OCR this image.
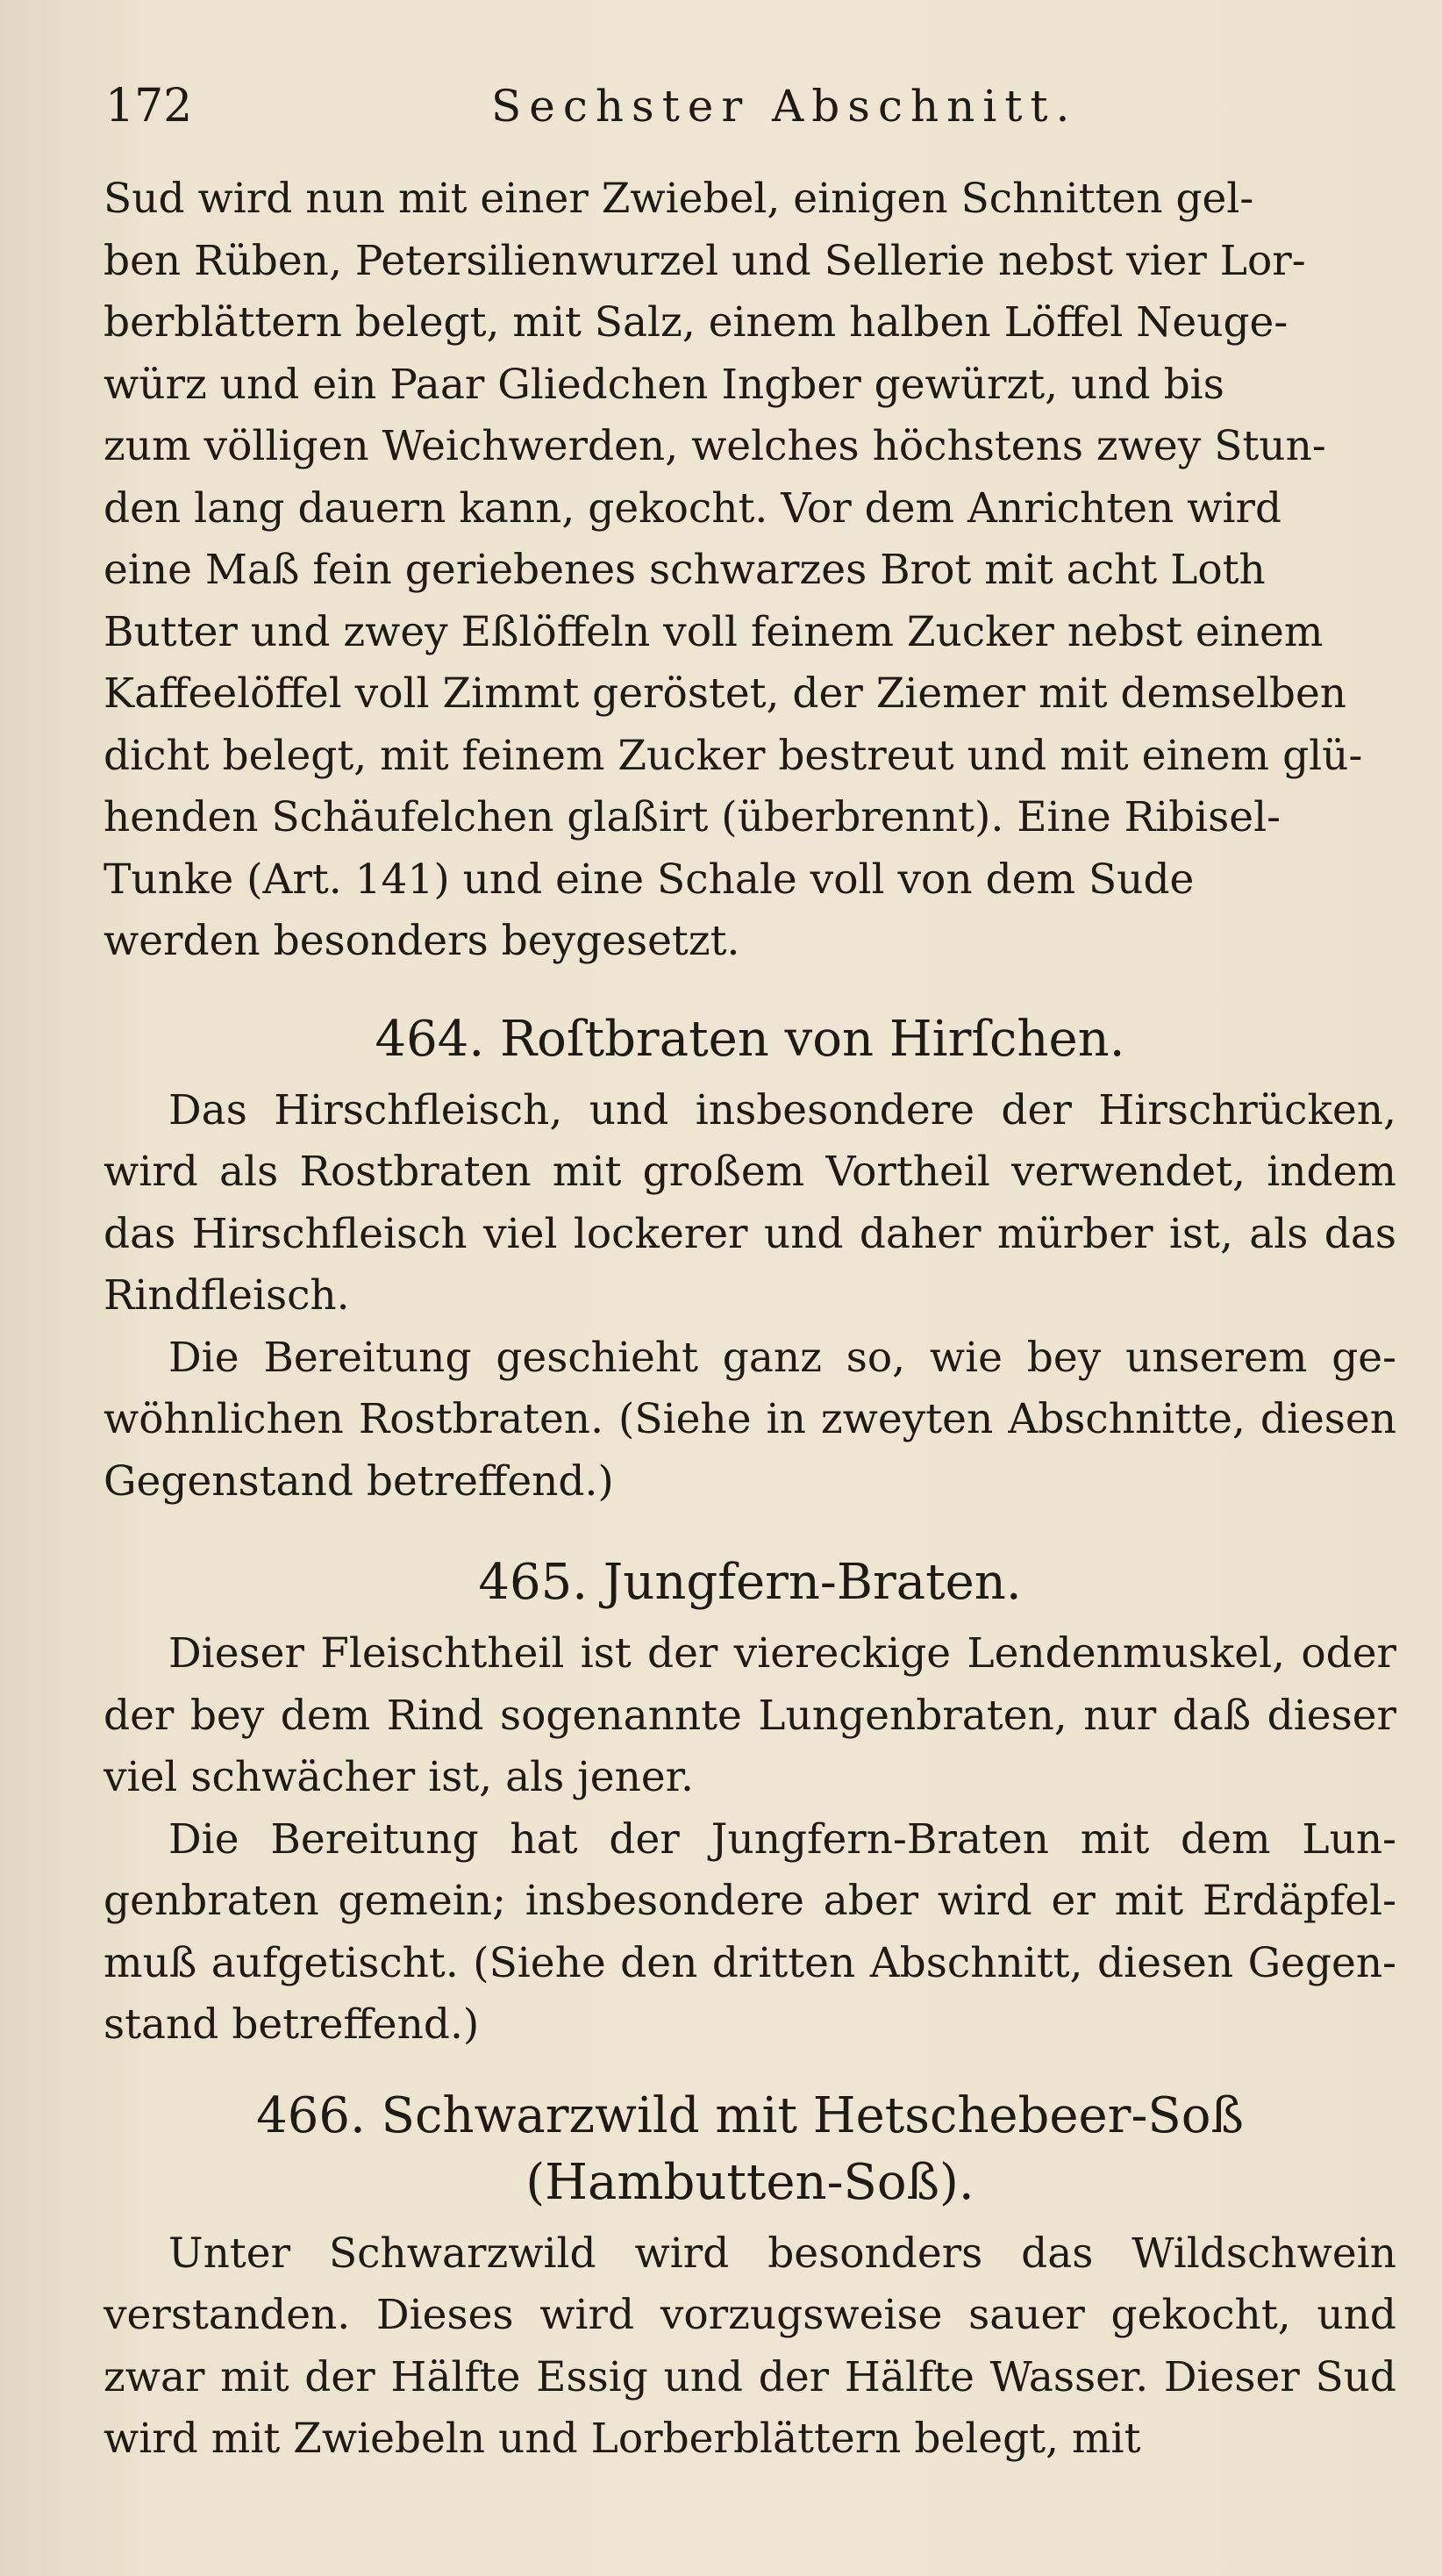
172	Sechster Abschnitt.

Sud wird nun mit einer Zwiebel, einigen Schnitten gel-

ben Rüben, Petersilienwurzel und Sellerie nebst vier Lor-

berblättern belegt, mit Salz, einem halben Löffel Neuge-

würz und ein Paar Gliedchen Ingber gewürzt, und bis

zum völligen Weichwerden, welches höchstens zwey Stun-

den lang dauern kann, gekocht. Vor dem Anrichten wird

eine Maß fein geriebenes schwarzes Brot mit acht Loth

Butter und zwey Eßlöffeln voll feinem Zucker nebst einem

Kaffeelöffel voll Zimmt geröstet, der Ziemer mit demselben

dicht belegt, mit feinem Zucker bestreut und mit einem glü-

henden Schäufelchen glaßirt (überbrennt). Eine Ribisel-

Tunke (Art. 141) und eine Schale voll von dem Sude

werden besonders beygesetzt.

464. Roſtbraten von Hirſchen.

Das Hirschfleisch, und insbesondere der Hirschrücken, wird als Rostbraten mit großem Vortheil verwendet, indem das Hirschfleisch viel lockerer und daher mürber ist, als das Rindfleisch.

Die Bereitung geschieht ganz so, wie bey unserem ge- wöhnlichen Rostbraten. (Siehe in zweyten Abschnitte, diesen Gegenstand betreffend.)

465. Jungfern-Braten.

Dieser Fleischtheil ist der viereckige Lendenmuskel, oder der bey dem Rind sogenannte Lungenbraten, nur daß dieser viel schwächer ist, als jener.

Die Bereitung hat der Jungfern-Braten mit dem Lun- genbraten gemein; insbesondere aber wird er mit Erdäpfel- muß aufgetischt. (Siehe den dritten Abschnitt, diesen Gegen- stand betreffend.)

466. Schwarzwild mit Hetschebeer-Soß
(Hambutten-Soß).

Unter Schwarzwild wird besonders das Wildschwein verstanden. Dieses wird vorzugsweise sauer gekocht, und zwar mit der Hälfte Essig und der Hälfte Wasser. Dieser Sud wird mit Zwiebeln und Lorberblättern belegt, mit
